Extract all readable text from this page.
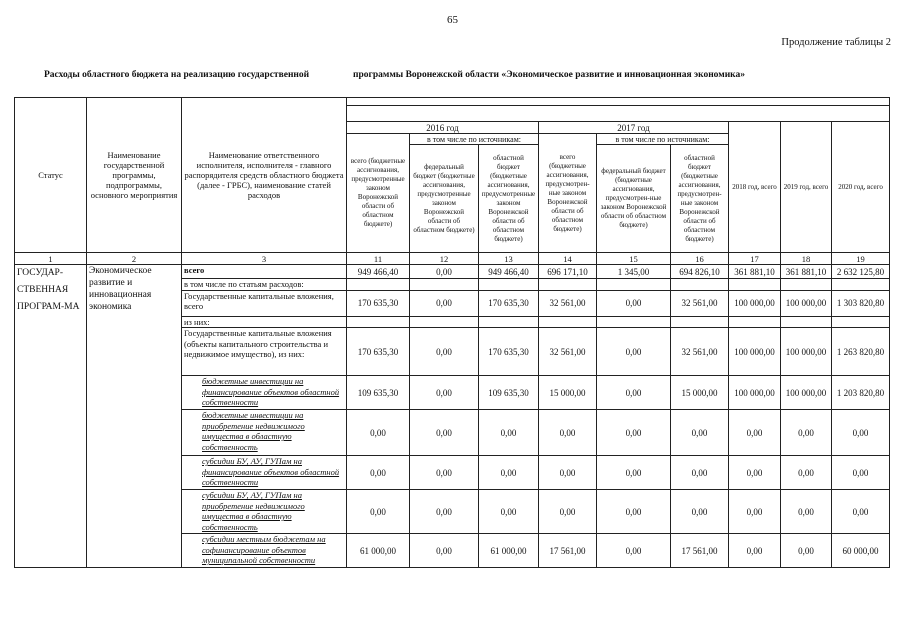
65
Продолжение таблицы 2
Расходы областного бюджета на реализацию государственной	программы Воронежской области «Экономическое развитие и инновационная экономика»
Статус	Наименование государственной программы, подпрограммы, основного мероприятия	Наименование ответственного исполнителя, исполнителя - главного распорядителя средств областного бюджета (далее - ГРБС), наименование статей расходов									

			2016 год			2017 год			2018 год, всего	2019 год, всего	2020 год, всего
			всего (бюджетные ассигнования, предусмотренные законом Воронежской области об областном бюджете)	в том числе по источникам:		всего (бюджетные ассигнования, предусмотрен-ные законом Воронежской области об областном бюджете)	в том числе по источникам:				
				федеральный бюджет (бюджетные ассигнования, предусмотренные законом Воронежской области об областном бюджете)	областной бюджет (бюджетные ассигнования, предусмотренные законом Воронежской области об областном бюджете)		федеральный бюджет (бюджетные ассигнования, предусмотрен-ные законом Воронежской области об областном бюджете)	областной бюджет (бюджетные ассигнования, предусмотрен-ные законом Воронежской области об областном бюджете)			
1	2	3	11	12	13	14	15	16	17	18	19
ГОСУДАР-СТВЕННАЯ ПРОГРАМ-МА	Экономическое развитие и инновационная экономика	всего	949 466,40	0,00	949 466,40	696 171,10	1 345,00	694 826,10	361 881,10	361 881,10	2 632 125,80
		в том числе по статьям расходов:									
		Государственные капитальные вложения, всего	170 635,30	0,00	170 635,30	32 561,00	0,00	32 561,00	100 000,00	100 000,00	1 303 820,80
		из них:									
		Государственные капитальные вложения (объекты капитального строительства и недвижимое имущество), из них:	170 635,30	0,00	170 635,30	32 561,00	0,00	32 561,00	100 000,00	100 000,00	1 263 820,80
		бюджетные инвестиции на финансирование объектов областной собственности	109 635,30	0,00	109 635,30	15 000,00	0,00	15 000,00	100 000,00	100 000,00	1 203 820,80
		бюджетные инвестиции на приобретение недвижимого имущества в областную собственность	0,00	0,00	0,00	0,00	0,00	0,00	0,00	0,00	0,00
		субсидии БУ, АУ, ГУПам на финансирование объектов областной собственности	0,00	0,00	0,00	0,00	0,00	0,00	0,00	0,00	0,00
		субсидии БУ, АУ, ГУПам на приобретение недвижимого имущества в областную собственность	0,00	0,00	0,00	0,00	0,00	0,00	0,00	0,00	0,00
		субсидии местным бюджетам на софинансирование объектов муниципальной собственности	61 000,00	0,00	61 000,00	17 561,00	0,00	17 561,00	0,00	0,00	60 000,00
